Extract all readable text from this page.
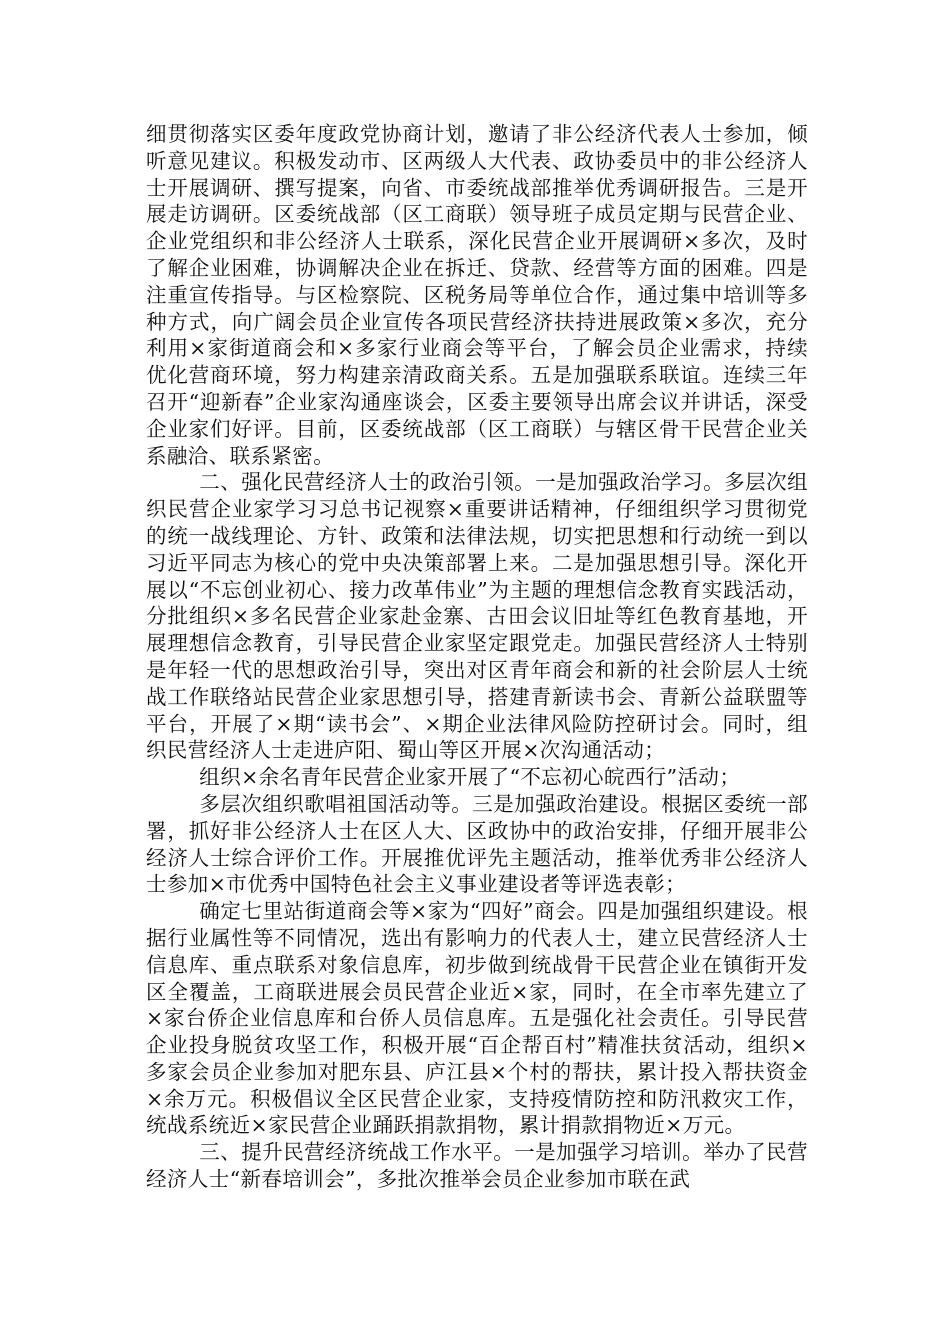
细贯彻落实区委年度政党协商计划，邀请了非公经济代表人士参加，倾听意见建议。积极发动市、区两级人大代表、政协委员中的非公经济人士开展调研、撰写提案，向省、市委统战部推举优秀调研报告。三是开展走访调研。区委统战部（区工商联）领导班子成员定期与民营企业、企业党组织和非公经济人士联系，深化民营企业开展调研×多次，及时了解企业困难，协调解决企业在拆迁、贷款、经营等方面的困难。四是注重宣传指导。与区检察院、区税务局等单位合作，通过集中培训等多种方式，向广阔会员企业宣传各项民营经济扶持进展政策×多次，充分利用×家街道商会和×多家行业商会等平台，了解会员企业需求，持续优化营商环境，努力构建亲清政商关系。五是加强联系联谊。连续三年召开“迎新春”企业家沟通座谈会，区委主要领导出席会议并讲话，深受企业家们好评。目前，区委统战部（区工商联）与辖区骨干民营企业关系融洽、联系紧密。

二、强化民营经济人士的政治引领。一是加强政治学习。多层次组织民营企业家学习习总书记视察×重要讲话精神，仔细组织学习贯彻党的统一战线理论、方针、政策和法律法规，切实把思想和行动统一到以习近平同志为核心的党中央决策部署上来。二是加强思想引导。深化开展以“不忘创业初心、接力改革伟业”为主题的理想信念教育实践活动，分批组织×多名民营企业家赴金寨、古田会议旧址等红色教育基地，开展理想信念教育，引导民营企业家坚定跟党走。加强民营经济人士特别是年轻一代的思想政治引导，突出对区青年商会和新的社会阶层人士统战工作联络站民营企业家思想引导，搭建青新读书会、青新公益联盟等平台，开展了×期“读书会”、×期企业法律风险防控研讨会。同时，组织民营经济人士走进庐阳、蜀山等区开展×次沟通活动；

组织×余名青年民营企业家开展了“不忘初心皖西行”活动；

多层次组织歌唱祖国活动等。三是加强政治建设。根据区委统一部署，抓好非公经济人士在区人大、区政协中的政治安排，仔细开展非公经济人士综合评价工作。开展推优评先主题活动，推举优秀非公经济人士参加×市优秀中国特色社会主义事业建设者等评选表彰；

确定七里站街道商会等×家为“四好”商会。四是加强组织建设。根据行业属性等不同情况，选出有影响力的代表人士，建立民营经济人士信息库、重点联系对象信息库，初步做到统战骨干民营企业在镇街开发区全覆盖，工商联进展会员民营企业近×家，同时，在全市率先建立了×家台侨企业信息库和台侨人员信息库。五是强化社会责任。引导民营企业投身脱贫攻坚工作，积极开展“百企帮百村”精准扶贫活动，组织×多家会员企业参加对肥东县、庐江县×个村的帮扶，累计投入帮扶资金×余万元。积极倡议全区民营企业家，支持疫情防控和防汛救灾工作，统战系统近×家民营企业踊跃捐款捐物，累计捐款捐物近×万元。

三、提升民营经济统战工作水平。一是加强学习培训。举办了民营经济人士“新春培训会”，多批次推举会员企业参加市联在武
